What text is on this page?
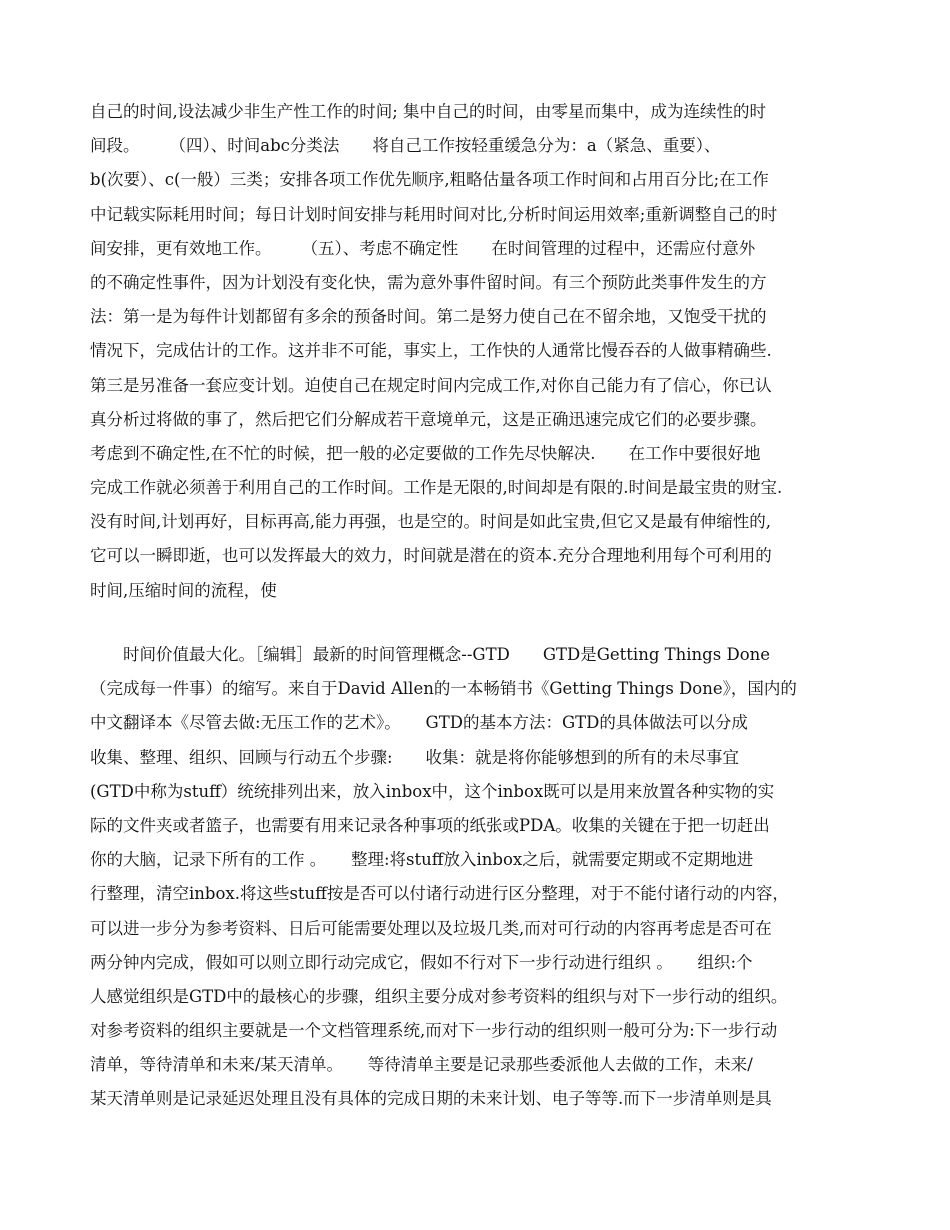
自己的时间,设法减少非生产性工作的时间; 集中自己的时间，由零星而集中，成为连续性的时
间段。　　 （四）、时间abc分类法　　将自己工作按轻重缓急分为：a（紧急、重要）、
b(次要）、c(一般）三类；安排各项工作优先顺序,粗略估量各项工作时间和占用百分比;在工作
中记载实际耗用时间；每日计划时间安排与耗用时间对比,分析时间运用效率;重新调整自己的时
间安排，更有效地工作。　　 （五）、考虑不确定性　　在时间管理的过程中，还需应付意外
的不确定性事件，因为计划没有变化快，需为意外事件留时间。有三个预防此类事件发生的方
法：第一是为每件计划都留有多余的预备时间。第二是努力使自己在不留余地，又饱受干扰的
情况下，完成估计的工作。这并非不可能，事实上，工作快的人通常比慢吞吞的人做事精确些.
第三是另准备一套应变计划。迫使自己在规定时间内完成工作,对你自己能力有了信心，你已认
真分析过将做的事了，然后把它们分解成若干意境单元，这是正确迅速完成它们的必要步骤。
考虑到不确定性,在不忙的时候，把一般的必定要做的工作先尽快解决.　　在工作中要很好地
完成工作就必须善于利用自己的工作时间。工作是无限的,时间却是有限的.时间是最宝贵的财宝.
没有时间,计划再好，目标再高,能力再强，也是空的。时间是如此宝贵,但它又是最有伸缩性的,
它可以一瞬即逝，也可以发挥最大的效力，时间就是潜在的资本.充分合理地利用每个可利用的
时间,压缩时间的流程，使

　　时间价值最大化。［编辑］最新的时间管理概念--GTD　　GTD是Getting Things Done
（完成每一件事）的缩写。来自于David Allen的一本畅销书《Getting Things Done》，国内的
中文翻译本《尽管去做:无压工作的艺术》。　　GTD的基本方法：GTD的具体做法可以分成
收集、整理、组织、回顾与行动五个步骤:　　收集：就是将你能够想到的所有的未尽事宜
(GTD中称为stuff）统统排列出来，放入inbox中，这个inbox既可以是用来放置各种实物的实
际的文件夹或者篮子，也需要有用来记录各种事项的纸张或PDA。收集的关键在于把一切赶出
你的大脑，记录下所有的工作 。　　整理:将stuff放入inbox之后，就需要定期或不定期地进
行整理，清空inbox.将这些stuff按是否可以付诸行动进行区分整理，对于不能付诸行动的内容，
可以进一步分为参考资料、日后可能需要处理以及垃圾几类,而对可行动的内容再考虑是否可在
两分钟内完成，假如可以则立即行动完成它，假如不行对下一步行动进行组织 。　　组织:个
人感觉组织是GTD中的最核心的步骤，组织主要分成对参考资料的组织与对下一步行动的组织。
对参考资料的组织主要就是一个文档管理系统,而对下一步行动的组织则一般可分为:下一步行动
清单，等待清单和未来/某天清单。　　等待清单主要是记录那些委派他人去做的工作，未来/
某天清单则是记录延迟处理且没有具体的完成日期的未来计划、电子等等.而下一步清单则是具
